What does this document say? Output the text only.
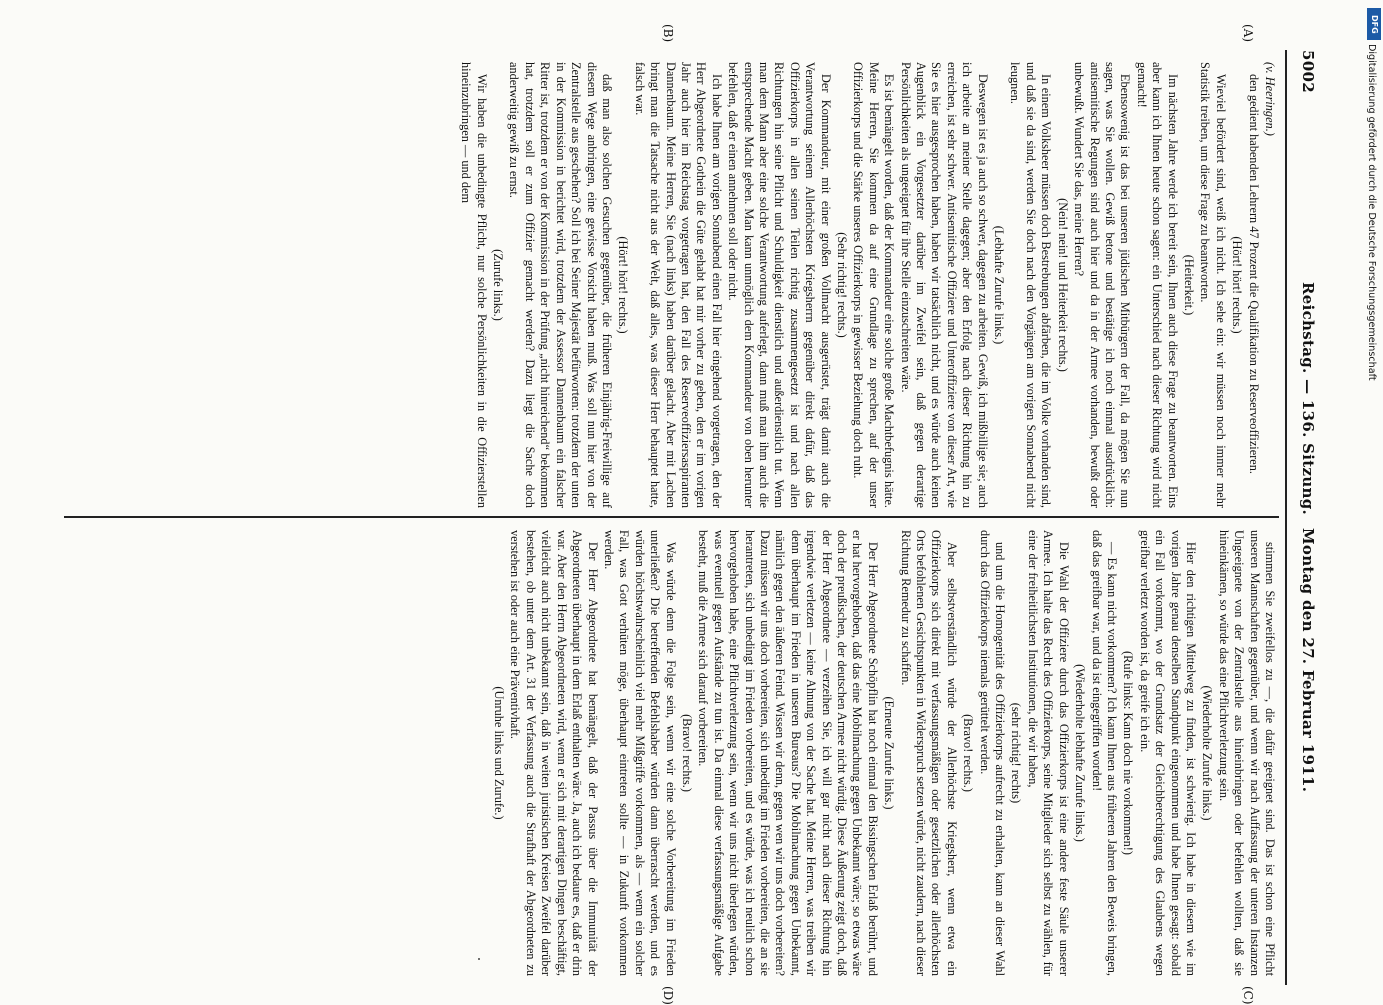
5002
Reichstag. — 136. Sitzung.
Montag den 27. Februar 1911.

(v. Heeringen.)

den gedient habenden Lehrern 47 Prozent die Qualifikation zu Reserveoffizieren.

(Hört! hört! rechts.)

Wieviel befördert sind, weiß ich nicht. Ich sehe ein: wir müssen noch immer mehr Statistik treiben, um diese Frage zu beantworten.

(Heiterkeit.)

Im nächsten Jahre werde ich bereit sein, Ihnen auch diese Frage zu beantworten. Eins aber kann ich Ihnen heute schon sagen: ein Unterschied nach dieser Richtung wird nicht gemacht!

Ebensowenig ist das bei unseren jüdischen Mitbürgern der Fall, da mögen Sie nun sagen, was Sie wollen. Gewiß betone und bestätige ich noch einmal ausdrücklich: antisemitische Regungen sind auch hier und da in der Armee vorhanden, bewußt oder unbewußt. Wundert Sie das, meine Herren?

(Nein! nein! und Heiterkeit rechts.)

In einem Volksheer müssen doch Bestrebungen abfärben, die im Volke vorhanden sind, und daß sie da sind, werden Sie doch nach den Vorgängen am vorigen Sonnabend nicht leugnen.

(Lebhafte Zurufe links.)

Deswegen ist es ja auch so schwer, dagegen zu arbeiten. Gewiß, ich mißbillige sie; auch ich arbeite an meiner Stelle dagegen; aber den Erfolg nach dieser Richtung hin zu erreichen, ist sehr schwer. Antisemitische Offiziere und Unteroffiziere von dieser Art, wie Sie es hier ausgesprochen haben, haben wir tatsächlich nicht, und es würde auch keinen Augenblick ein Vorgesetzter darüber im Zweifel sein, daß gegen derartige Persönlichkeiten als ungeeignet für ihre Stelle einzuschreiten wäre.

Es ist bemängelt worden, daß der Kommandeur eine solche große Machtbefugnis hätte. Meine Herren, Sie kommen da auf eine Grundlage zu sprechen, auf der unser Offizierkorps und die Stärke unseres Offizierkorps in gewisser Beziehung doch ruht.

(Sehr richtig! rechts.)

Der Kommandeur, mit einer großen Vollmacht ausgerüstet, trägt damit auch die Verantwortung seinem Allerhöchsten Kriegsherrn gegenüber direkt dafür, daß das Offizierkorps in allen seinen Teilen richtig zusammengesetzt ist und nach allen Richtungen hin seine Pflicht und Schuldigkeit dienstlich und außerdienstlich tut. Wenn man dem Mann aber eine solche Verantwortung auferlegt, dann muß man ihm auch die entsprechende Macht geben. Man kann unmöglich dem Kommandeur von oben herunter befehlen, daß er einen annehmen soll oder nicht.

Ich habe Ihnen am vorigen Sonnabend einen Fall hier eingehend vorgetragen, den der Herr Abgeordnete Gothein die Güte gehabt hat mir vorher zu geben, den er im vorigen Jahr auch hier im Reichstag vorgetragen hat, den Fall des Reserveoffiziersaspiranten Dannenbaum. Meine Herren, Sie (nach links) haben darüber gelacht. Aber mit Lachen bringt man die Tatsache nicht aus der Welt, daß alles, was dieser Herr behauptet hatte, falsch war.

(Hört! hört! rechts.)

daß man also solchen Gesuchen gegenüber, die früheren Einjährig-Freiwillige auf diesem Wege anbringen, eine gewisse Vorsicht haben muß. Was soll nun hier von der Zentralstelle aus geschehen? Soll ich bei Seiner Majestät befürworten: trotzdem der unten in der Kommission in berichtet wird, trotzdem der Assessor Dannenbaum ein falscher Ritter ist, trotzdem er von der Kommission in der Prüfung „nicht hinreichend“ bekommen hat, trotzdem soll er zum Offizier gemacht werden? Dazu liegt die Sache doch anderweitig gewiß zu ernst.

(Zurufe links.)

Wir haben die unbedingte Pflicht, nur solche Persönlichkeiten in die Offizierstellen hineinzubringen — und dem

stimmen Sie zweifellos zu —, die dafür geeignet sind. Das ist schon eine Pflicht unseren Mannschaften gegenüber, und wenn wir nach Auffassung der unteren Instanzen Ungeeignete von der Zentralstelle aus hineinbringen oder befehlen wollten, daß sie hineinkämen, so würde das eine Pflichtverletzung sein.

(Wiederholte Zurufe links.)

Hier den richtigen Mittelweg zu finden, ist schwierig. Ich habe in diesem wie im vorigen Jahre genau denselben Standpunkt eingenommen und habe Ihnen gesagt: sobald ein Fall vorkommt, wo der Grundsatz der Gleichberechtigung des Glaubens wegen greifbar verletzt worden ist, da greife ich ein.

(Rufe links: Kann doch nie vorkommen!)

— Es kann nicht vorkommen? Ich kann Ihnen aus früheren Jahren den Beweis bringen, daß das greifbar war, und da ist eingegriffen worden!

(Wiederholte lebhafte Zurufe links.)

Die Wahl der Offiziere durch das Offizierkorps ist eine andere feste Säule unserer Armee. Ich halte das Recht des Offizierkorps, seine Mitglieder sich selbst zu wählen, für eine der freiheitlichsten Institutionen, die wir haben,

(sehr richtig! rechts)

und um die Homogenität des Offizierkorps aufrecht zu erhalten, kann an dieser Wahl durch das Offizierkorps niemals gerüttelt werden.

(Bravo! rechts.)

Aber selbstverständlich würde der Allerhöchste Kriegsherr, wenn etwa ein Offizierkorps sich direkt mit verfassungsmäßigen oder gesetzlichen oder allerhöchsten Orts befohlenen Gesichtspunkten in Widerspruch setzen würde, nicht zaudern, nach dieser Richtung Remedur zu schaffen.

(Erneute Zurufe links.)

Der Herr Abgeordnete Schöpflin hat noch einmal den Bissingschen Erlaß berührt, und er hat hervorgehoben, daß das eine Mobilmachung gegen Unbekannt wäre; so etwas wäre doch der preußischen, der deutschen Armee nicht würdig. Diese Äußerung zeigt doch, daß der Herr Abgeordnete — verzeihen Sie, ich will gar nicht nach dieser Richtung hin irgendwie verletzen — keine Ahnung von der Sache hat. Meine Herren, was treiben wir denn überhaupt im Frieden in unseren Bureaus? Die Mobilmachung gegen Unbekannt, nämlich gegen den äußeren Feind. Wissen wir denn, gegen wen wir uns doch vorbereiten? Dazu müssen wir uns doch vorbereiten, sich unbedingt im Frieden vorbereiten, die an sie herantreten, sich unbedingt im Frieden vorbereiten, und es würde, was ich neulich schon hervorgehoben habe, eine Pflichtverletzung sein, wenn wir uns nicht überlegen würden, was eventuell gegen Aufstände zu tun ist. Da einmal diese verfassungsmäßige Aufgabe besteht, muß die Armee sich darauf vorbereiten.

(Bravo! rechts.)

Was würde denn die Folge sein, wenn wir eine solche Vorbereitung im Frieden unterließen? Die betreffenden Befehlshaber würden dann überrascht werden, und es würden höchstwahrscheinlich viel mehr Mißgriffe vorkommen, als — wenn ein solcher Fall, was Gott verhüten möge, überhaupt eintreten sollte — in Zukunft vorkommen werden.

Der Herr Abgeordnete hat bemängelt, daß der Passus über die Immunität der Abgeordneten überhaupt in dem Erlaß enthalten wäre. Ja, auch ich bedaure es, daß er drin war. Aber den Herrn Abgeordneten wird, wenn er sich mit derartigen Dingen beschäftigt, vielleicht auch nicht unbekannt sein, daß in weiten juristischen Kreisen Zweifel darüber bestehen, ob unter dem Art. 31 der Verfassung auch die Strafhaft der Abgeordneten zu verstehen ist oder auch eine Präventivhaft.

(Unruhe links und Zurufe.)

(A)
(B)
(C)
(D)
DFG
Digitalisierung gefördert durch die Deutsche Forschungsgemeinschaft
